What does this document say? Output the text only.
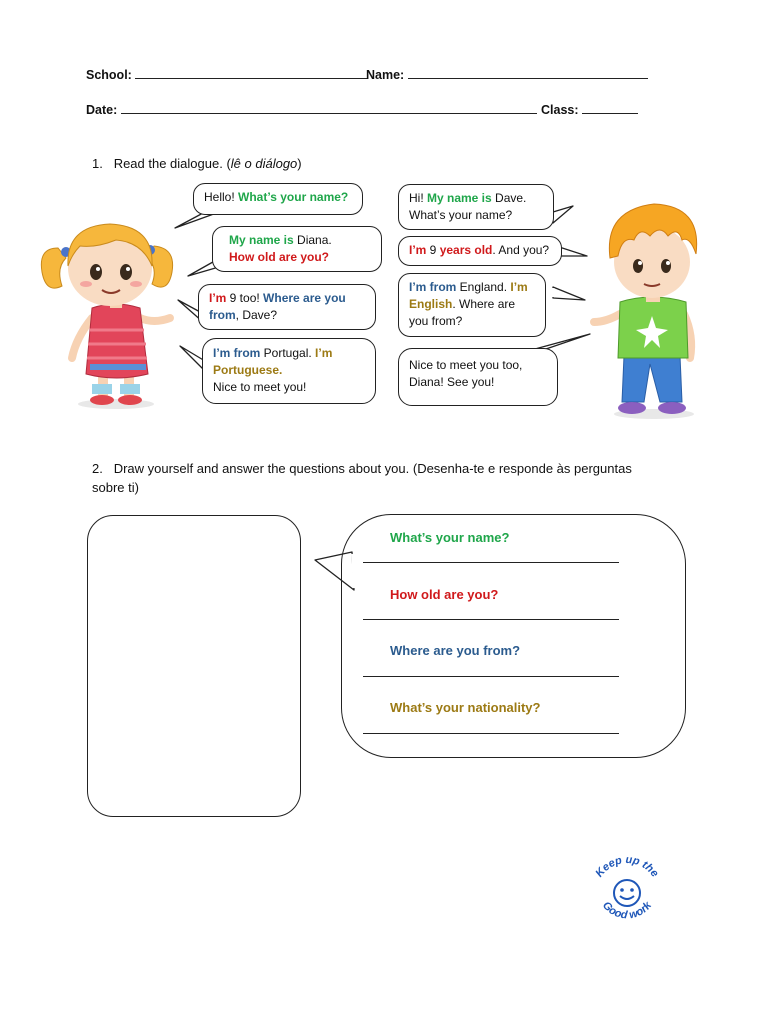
School:	Name:
Date:	Class:
1. Read the dialogue. (lê o diálogo)
Hello! What’s your name?
My name is Diana.
How old are you?
I’m 9 too! Where are you from, Dave?
I’m from Portugal. I’m Portuguese.
Nice to meet you!
Hi! My name is Dave.
What’s your name?
I’m 9 years old. And you?
I’m from England. I’m English. Where are you from?
Nice to meet you too, Diana! See you!
2. Draw yourself and answer the questions about you. (Desenha-te e responde às perguntas sobre ti)
What’s your name?
How old are you?
Where are you from?
What’s your nationality?
Keep up the
Good work
